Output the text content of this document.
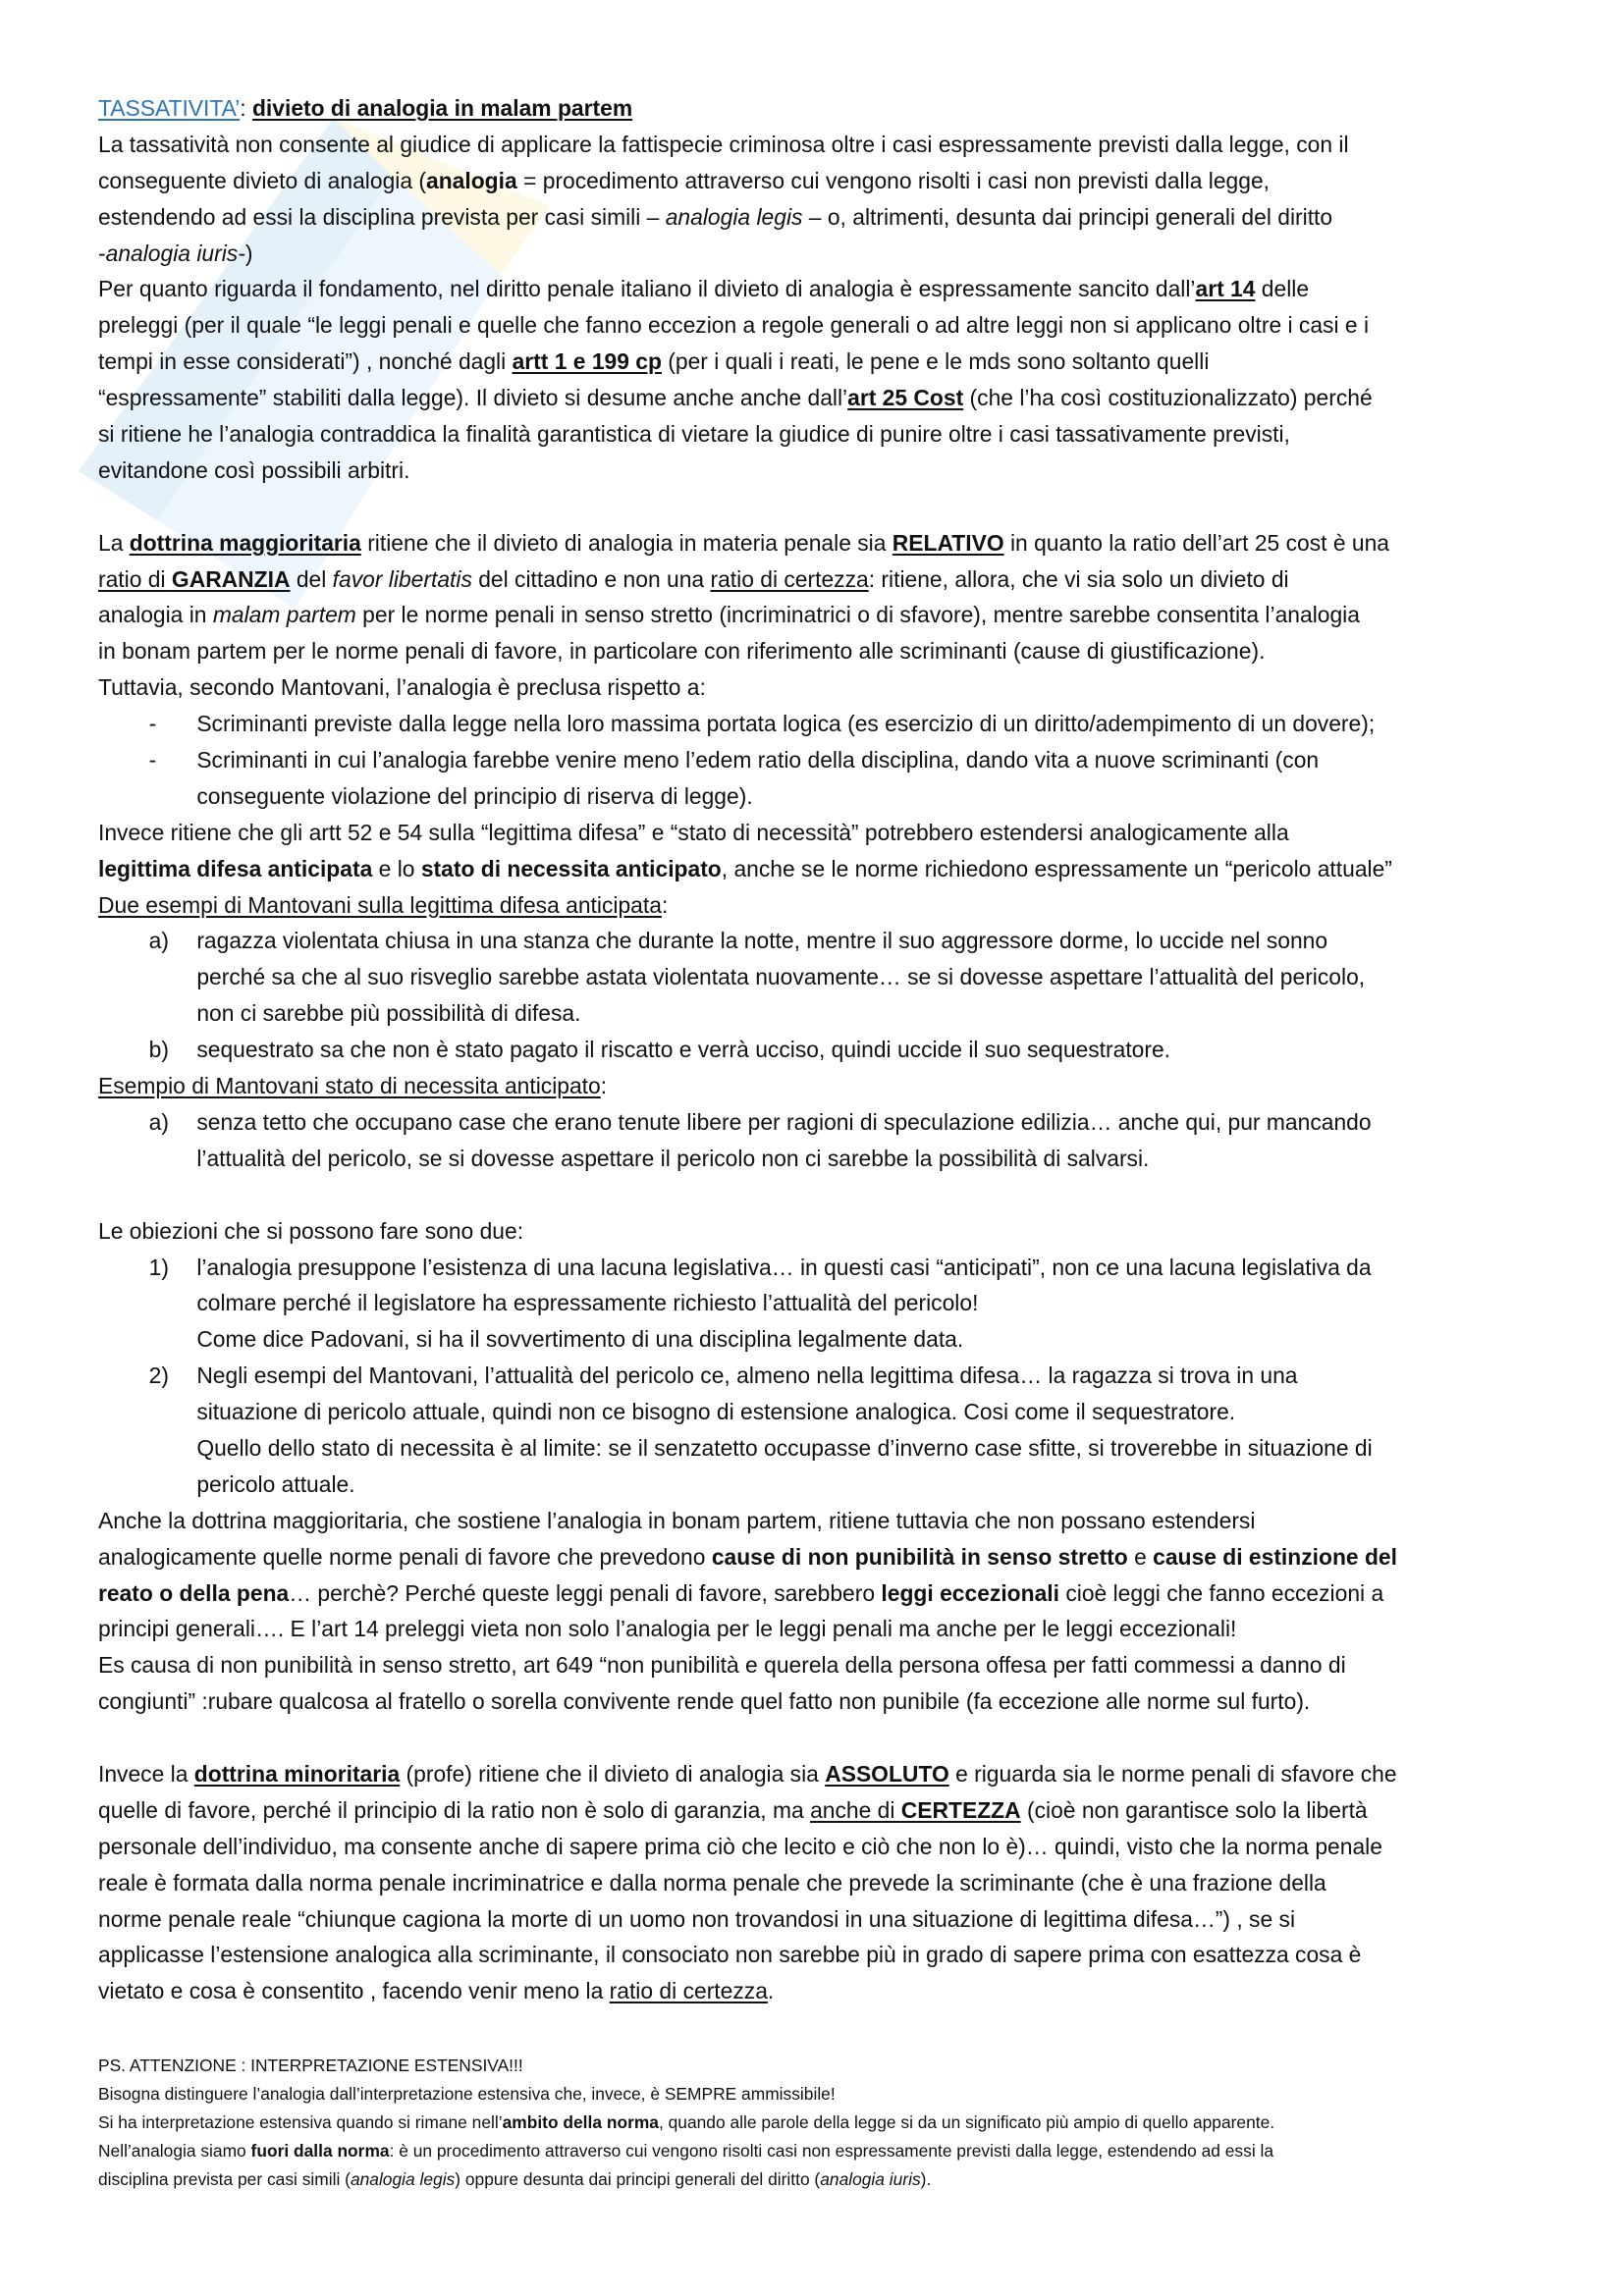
TASSATIVITA’: divieto di analogia in malam partem
La tassatività non consente al giudice di applicare la fattispecie criminosa oltre i casi espressamente previsti dalla legge, con il
conseguente divieto di analogia (analogia = procedimento attraverso cui vengono risolti i casi non previsti dalla legge,
estendendo ad essi la disciplina prevista per casi simili – analogia legis – o, altrimenti, desunta dai principi generali del diritto
-analogia iuris-)
Per quanto riguarda il fondamento, nel diritto penale italiano il divieto di analogia è espressamente sancito dall’art 14 delle
preleggi (per il quale “le leggi penali e quelle che fanno eccezion a regole generali o ad altre leggi non si applicano oltre i casi e i
tempi in esse considerati”) , nonché dagli artt 1 e 199 cp (per i quali i reati, le pene e le mds sono soltanto quelli
“espressamente” stabiliti dalla legge). Il divieto si desume anche anche dall’art 25 Cost (che l’ha così costituzionalizzato) perché
si ritiene he l’analogia contraddica la finalità garantistica di vietare la giudice di punire oltre i casi tassativamente previsti,
evitandone così possibili arbitri.
La dottrina maggioritaria ritiene che il divieto di analogia in materia penale sia RELATIVO in quanto la ratio dell’art 25 cost è una
ratio di GARANZIA del favor libertatis del cittadino e non una ratio di certezza: ritiene, allora, che vi sia solo un divieto di
analogia in malam partem per le norme penali in senso stretto (incriminatrici o di sfavore), mentre sarebbe consentita l’analogia
in bonam partem per le norme penali di favore, in particolare con riferimento alle scriminanti (cause di giustificazione).
Tuttavia, secondo Mantovani, l’analogia è preclusa rispetto a:
- Scriminanti previste dalla legge nella loro massima portata logica (es esercizio di un diritto/adempimento di un dovere);
- Scriminanti in cui l’analogia farebbe venire meno l’edem ratio della disciplina, dando vita a nuove scriminanti (con
conseguente violazione del principio di riserva di legge).
Invece ritiene che gli artt 52 e 54 sulla “legittima difesa” e “stato di necessità” potrebbero estendersi analogicamente alla
legittima difesa anticipata e lo stato di necessita anticipato, anche se le norme richiedono espressamente un “pericolo attuale”
Due esempi di Mantovani sulla legittima difesa anticipata:
a) ragazza violentata chiusa in una stanza che durante la notte, mentre il suo aggressore dorme, lo uccide nel sonno
perché sa che al suo risveglio sarebbe astata violentata nuovamente… se si dovesse aspettare l’attualità del pericolo,
non ci sarebbe più possibilità di difesa.
b) sequestrato sa che non è stato pagato il riscatto e verrà ucciso, quindi uccide il suo sequestratore.
Esempio di Mantovani stato di necessita anticipato:
a) senza tetto che occupano case che erano tenute libere per ragioni di speculazione edilizia… anche qui, pur mancando
l’attualità del pericolo, se si dovesse aspettare il pericolo non ci sarebbe la possibilità di salvarsi.
Le obiezioni che si possono fare sono due:
1) l’analogia presuppone l’esistenza di una lacuna legislativa… in questi casi “anticipati”, non ce una lacuna legislativa da
colmare perché il legislatore ha espressamente richiesto l’attualità del pericolo!
Come dice Padovani, si ha il sovvertimento di una disciplina legalmente data.
2) Negli esempi del Mantovani, l’attualità del pericolo ce, almeno nella legittima difesa… la ragazza si trova in una
situazione di pericolo attuale, quindi non ce bisogno di estensione analogica. Cosi come il sequestratore.
Quello dello stato di necessita è al limite: se il senzatetto occupasse d’inverno case sfitte, si troverebbe in situazione di
pericolo attuale.
Anche la dottrina maggioritaria, che sostiene l’analogia in bonam partem, ritiene tuttavia che non possano estendersi
analogicamente quelle norme penali di favore che prevedono cause di non punibilità in senso stretto e cause di estinzione del
reato o della pena… perchè? Perché queste leggi penali di favore, sarebbero leggi eccezionali cioè leggi che fanno eccezioni a
principi generali…. E l’art 14 preleggi vieta non solo l’analogia per le leggi penali ma anche per le leggi eccezionali!
Es causa di non punibilità in senso stretto, art 649 “non punibilità e querela della persona offesa per fatti commessi a danno di
congiunti” :rubare qualcosa al fratello o sorella convivente rende quel fatto non punibile (fa eccezione alle norme sul furto).
Invece la dottrina minoritaria (profe) ritiene che il divieto di analogia sia ASSOLUTO e riguarda sia le norme penali di sfavore che
quelle di favore, perché il principio di la ratio non è solo di garanzia, ma anche di CERTEZZA (cioè non garantisce solo la libertà
personale dell’individuo, ma consente anche di sapere prima ciò che lecito e ciò che non lo è)… quindi, visto che la norma penale
reale è formata dalla norma penale incriminatrice e dalla norma penale che prevede la scriminante (che è una frazione della
norme penale reale “chiunque cagiona la morte di un uomo non trovandosi in una situazione di legittima difesa…”) , se si
applicasse l’estensione analogica alla scriminante, il consociato non sarebbe più in grado di sapere prima con esattezza cosa è
vietato e cosa è consentito , facendo venir meno la ratio di certezza.
PS. ATTENZIONE : INTERPRETAZIONE ESTENSIVA!!!
Bisogna distinguere l’analogia dall’interpretazione estensiva che, invece, è SEMPRE ammissibile!
Si ha interpretazione estensiva quando si rimane nell’ambito della norma, quando alle parole della legge si da un significato più ampio di quello apparente.
Nell’analogia siamo fuori dalla norma: è un procedimento attraverso cui vengono risolti casi non espressamente previsti dalla legge, estendendo ad essi la
disciplina prevista per casi simili (analogia legis) oppure desunta dai principi generali del diritto (analogia iuris).
